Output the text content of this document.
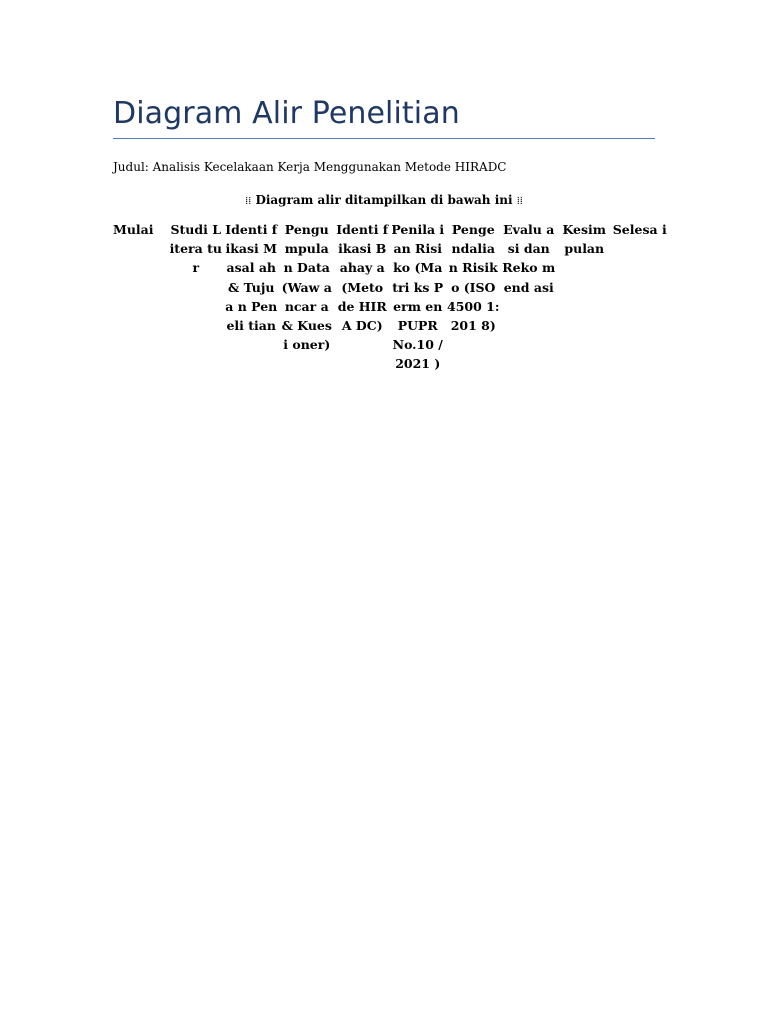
Diagram Alir Penelitian
Judul: Analisis Kecelakaan Kerja Menggunakan Metode HIRADC
⁞⁞ Diagram alir ditampilkan di bawah ini ⁞⁞
Mulai	Studi Litera tur	Identi fikasi Masal ah & Tujua n Peneli tian	Pengu mpula n Data (Waw ancar a & Kuesi oner)	Identi fikasi Bahay a (Meto de HIRA DC)	Penila ian Risiko (Matri ks Perm en PUPR No.10 /2021 )	Penge ndalia n Risiko (ISO 4500 1:201 8)	Evalu asi dan Reko mend asi	Kesim pulan	Selesa i
